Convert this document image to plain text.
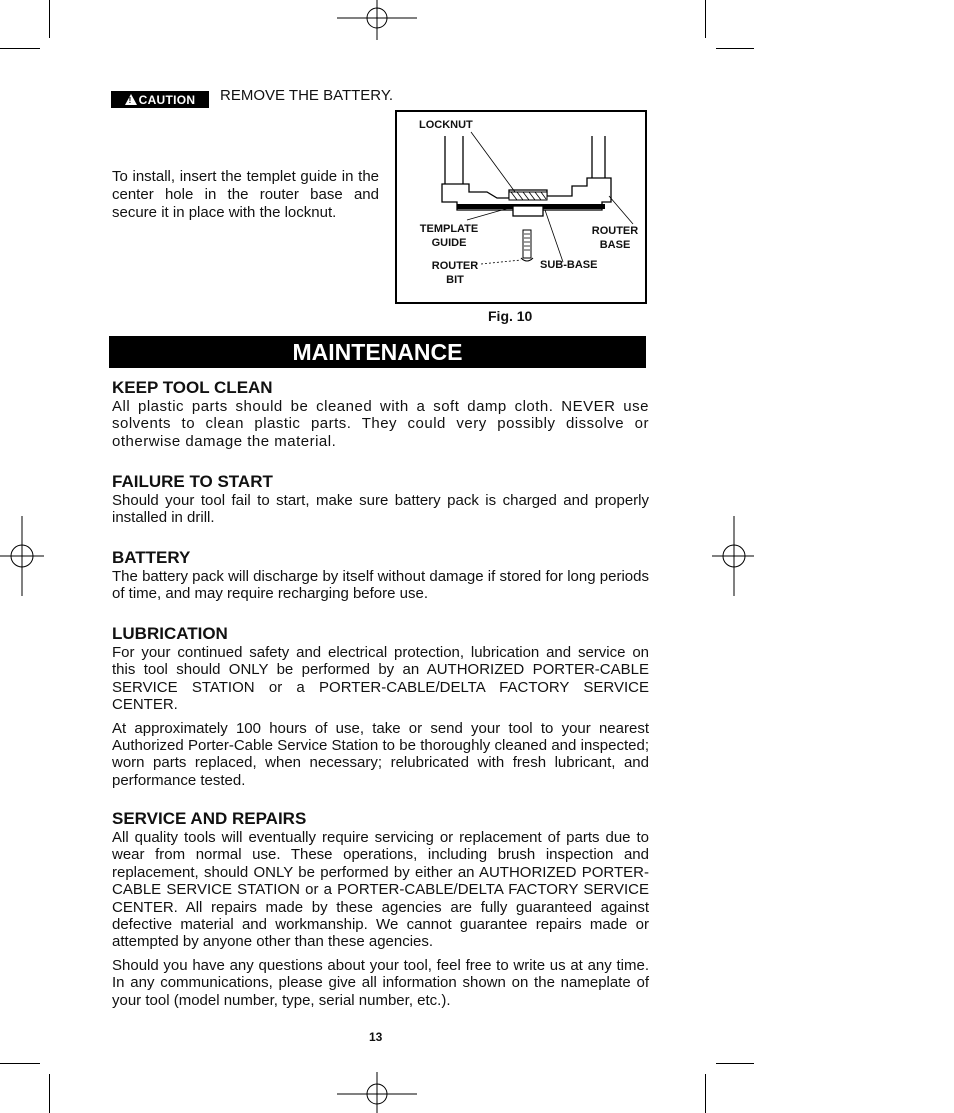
! CAUTION REMOVE THE BATTERY.
To install, insert the templet guide in the center hole in the router base and secure it in place with the locknut.
LOCKNUT
TEMPLATE GUIDE
ROUTER BASE
ROUTER BIT
SUB-BASE
Fig. 10
MAINTENANCE
KEEP TOOL CLEAN

All plastic parts should be cleaned with a soft damp cloth. NEVER use solvents to clean plastic parts. They could very possibly dissolve or otherwise damage the material.

FAILURE TO START

Should your tool fail to start, make sure battery pack is charged and properly installed in drill.

BATTERY

The battery pack will discharge by itself without damage if stored for long periods of time, and may require recharging before use.

LUBRICATION

For your continued safety and electrical protection, lubrication and service on this tool should ONLY be performed by an AUTHORIZED PORTER-CABLE SERVICE STATION or a PORTER-CABLE/DELTA FACTORY SERVICE CENTER.

At approximately 100 hours of use, take or send your tool to your nearest Authorized Porter-Cable Service Station to be thoroughly cleaned and inspected; worn parts replaced, when necessary; relubricated with fresh lubricant, and performance tested.

SERVICE AND REPAIRS

All quality tools will eventually require servicing or replacement of parts due to wear from normal use. These operations, including brush inspection and replacement, should ONLY be performed by either an AUTHORIZED PORTER-CABLE SERVICE STATION or a PORTER-CABLE/DELTA FACTORY SERVICE CENTER. All repairs made by these agencies are fully guaranteed against defective material and workmanship. We cannot guarantee repairs made or attempted by anyone other than these agencies.

Should you have any questions about your tool, feel free to write us at any time. In any communications, please give all information shown on the nameplate of your tool (model number, type, serial number, etc.).

13
